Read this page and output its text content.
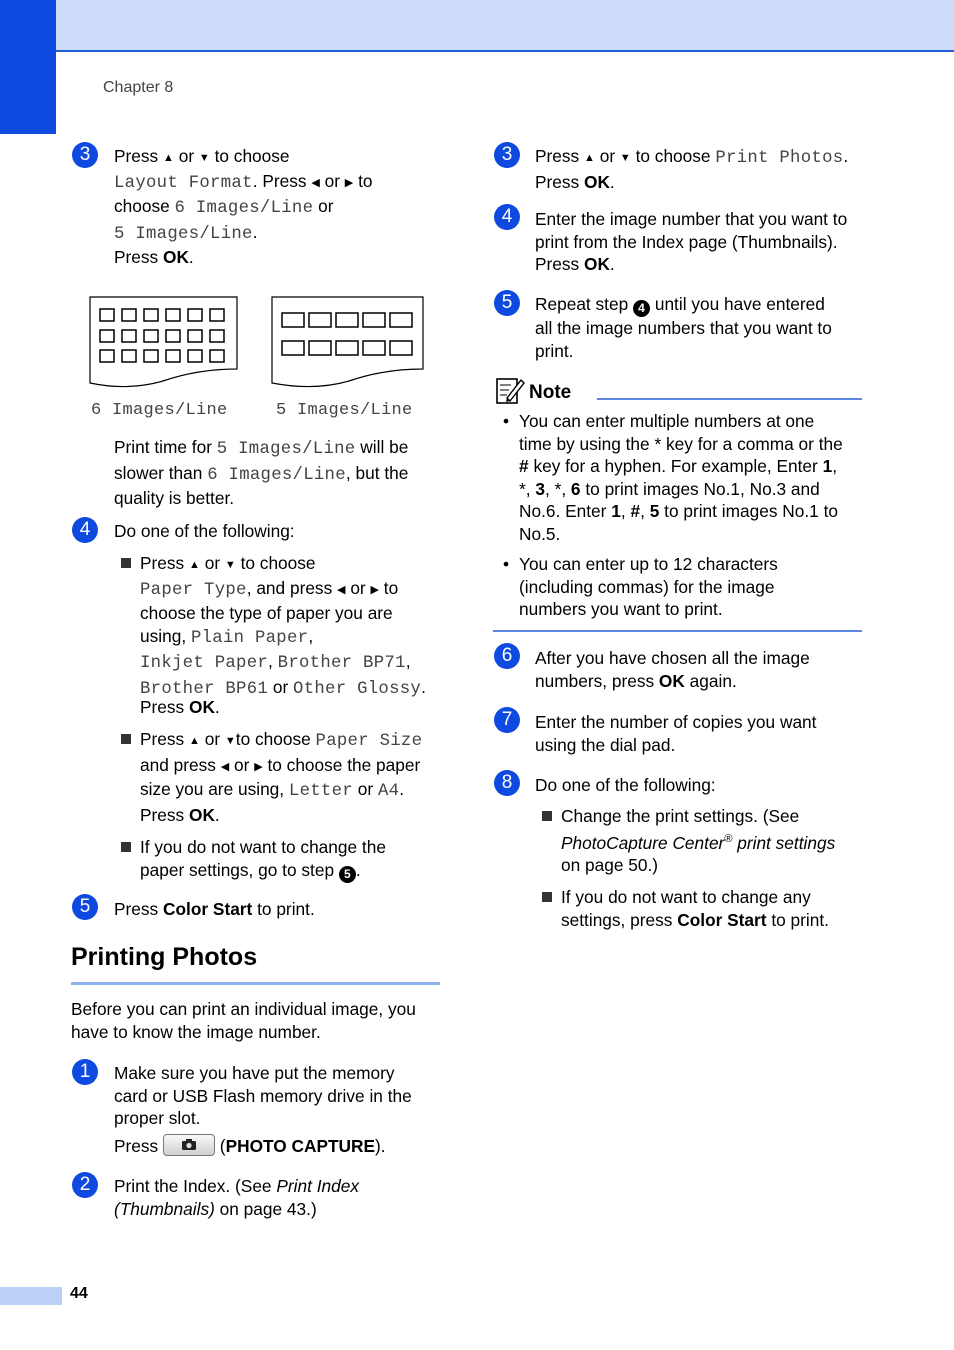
Chapter 8
3	Press ▲ or ▼ to choose
Layout Format. Press ◀ or ▶ to
choose 6 Images/Line or
5 Images/Line.
Press OK.
6 Images/Line	5 Images/Line
Print time for 5 Images/Line will be
slower than 6 Images/Line, but the
quality is better.
4	Do one of the following:
Press ▲ or ▼ to choose
Paper Type, and press ◀ or ▶ to
choose the type of paper you are
using, Plain Paper,
Inkjet Paper, Brother BP71,
Brother BP61 or Other Glossy.
Press OK.
Press ▲ or ▼to choose Paper Size
and press ◀ or ▶ to choose the paper
size you are using, Letter or A4.
Press OK.
If you do not want to change the
paper settings, go to step 5 .
5	Press Color Start to print.
Printing Photos
Before you can print an individual image, you
have to know the image number.
1	Make sure you have put the memory
card or USB Flash memory drive in the
proper slot.
Press	(PHOTO CAPTURE).
2	Print the Index. (See Print Index
(Thumbnails) on page 43.)
3	Press ▲ or ▼ to choose Print Photos.
Press OK.
4	Enter the image number that you want to
print from the Index page (Thumbnails).
Press OK.
5	Repeat step 4 until you have entered
all the image numbers that you want to
print.
Note
• You can enter multiple numbers at one
time by using the * key for a comma or the
# key for a hyphen. For example, Enter 1,
*, 3, *, 6 to print images No.1, No.3 and
No.6. Enter 1, #, 5 to print images No.1 to
No.5.
• You can enter up to 12 characters
(including commas) for the image
numbers you want to print.
6	After you have chosen all the image
numbers, press OK again.
7	Enter the number of copies you want
using the dial pad.
8	Do one of the following:
Change the print settings. (See
PhotoCapture Center® print settings
on page 50.)
If you do not want to change any
settings, press Color Start to print.
44
